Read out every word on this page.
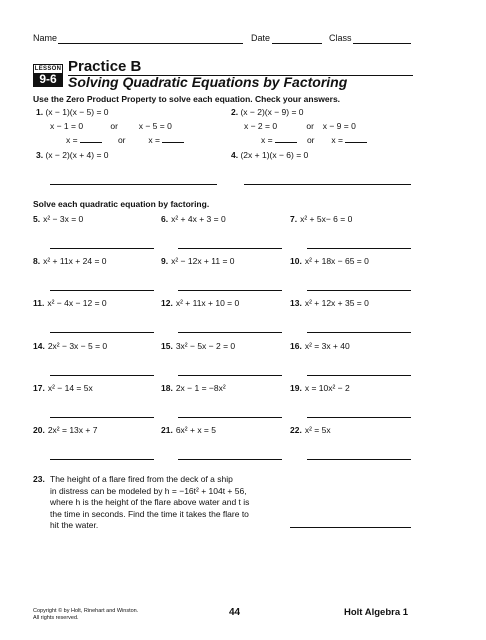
Name	Date	Class
LESSON
9-6
Practice B
Solving Quadratic Equations by Factoring
Use the Zero Product Property to solve each equation. Check your answers.
1. (x − 1)(x − 5) = 0
x − 1 = 0	or x − 5 = 0
x =	or	x =
2. (x − 2)(x − 9) = 0
x − 2 = 0	or x − 9 = 0
x =	or x =
3. (x − 2)(x + 4) = 0	4. (2x + 1)(x − 6) = 0
Solve each quadratic equation by factoring.
5. x² − 3x = 0	6. x² + 4x + 3 = 0	7. x² + 5x− 6 = 0
8. x² + 11x + 24 = 0	9. x² − 12x + 11 = 0	10. x² + 18x − 65 = 0
11. x² − 4x − 12 = 0	12. x² + 11x + 10 = 0	13. x² + 12x + 35 = 0
14. 2x² − 3x − 5 = 0	15. 3x² − 5x − 2 = 0	16. x² = 3x + 40
17. x² − 14 = 5x	18. 2x − 1 = −8x²	19. x = 10x² − 2
20. 2x² = 13x + 7	21. 6x² + x = 5	22. x² = 5x
23. The height of a flare fired from the deck of a ship
in distress can be modeled by h = −16t² + 104t + 56,
where h is the height of the flare above water and t is
the time in seconds. Find the time it takes the flare to
hit the water.
Copyright © by Holt, Rinehart and Winston.
All rights reserved.	44	Holt Algebra 1
